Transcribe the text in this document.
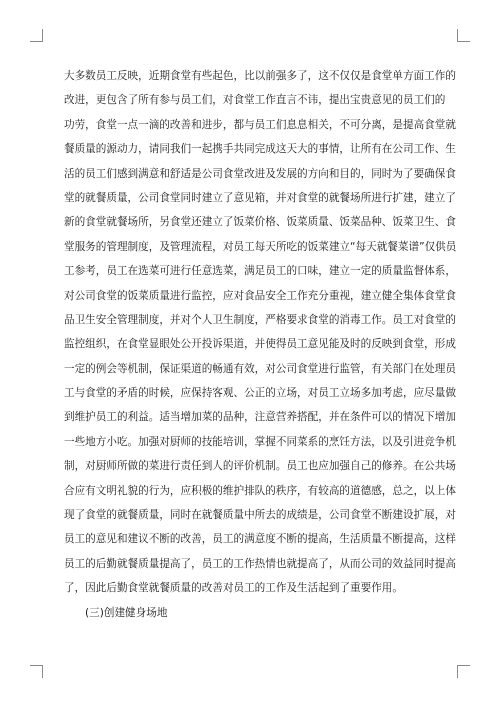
大多数员工反映，近期食堂有些起色，比以前强多了，这不仅仅是食堂单方面工作的
改进，更包含了所有参与员工们，对食堂工作直言不讳，提出宝贵意见的员工们的
功劳，食堂一点一滴的改善和进步，都与员工们息息相关，不可分离，是提高食堂就
餐质量的源动力，请同我们一起携手共同完成这天大的事情，让所有在公司工作、生
活的员工们感到满意和舒适是公司食堂改进及发展的方向和目的，同时为了要确保食
堂的就餐质量，公司食堂同时建立了意见箱，并对食堂的就餐场所进行扩建，建立了
新的食堂就餐场所，另食堂还建立了饭菜价格、饭菜质量、饭菜品种、饭菜卫生、食
堂服务的管理制度，及管理流程，对员工每天所吃的饭菜建立“每天就餐菜谱”仅供员
工参考，员工在选菜可进行任意选菜，满足员工的口味，建立一定的质量监督体系，
对公司食堂的饭菜质量进行监控，应对食品安全工作充分重视，建立健全集体食堂食
品卫生安全管理制度，并对个人卫生制度，严格要求食堂的消毒工作。员工对食堂的
监控组织，在食堂显眼处公开投诉渠道，并使得员工意见能及时的反映到食堂，形成
一定的例会等机制，保证渠道的畅通有效，对公司食堂进行监管，有关部门在处理员
工与食堂的矛盾的时候，应保持客观、公正的立场，对员工立场多加考虑，应尽量做
到维护员工的利益。适当增加菜的品种，注意营养搭配，并在条件可以的情况下增加
一些地方小吃。加强对厨师的技能培训，掌握不同菜系的烹饪方法，以及引进竞争机
制，对厨师所做的菜进行责任到人的评价机制。员工也应加强自己的修养。在公共场
合应有文明礼貌的行为，应积极的维护排队的秩序，有较高的道德感，总之，以上体
现了食堂的就餐质量，同时在就餐质量中所去的成绩是，公司食堂不断建设扩展，对
员工的意见和建议不断的改善，员工的满意度不断的提高，生活质量不断提高，这样
员工的后勤就餐质量提高了，员工的工作热情也就提高了，从而公司的效益同时提高
了，因此后勤食堂就餐质量的改善对员工的工作及生活起到了重要作用。
(三)创建健身场地
